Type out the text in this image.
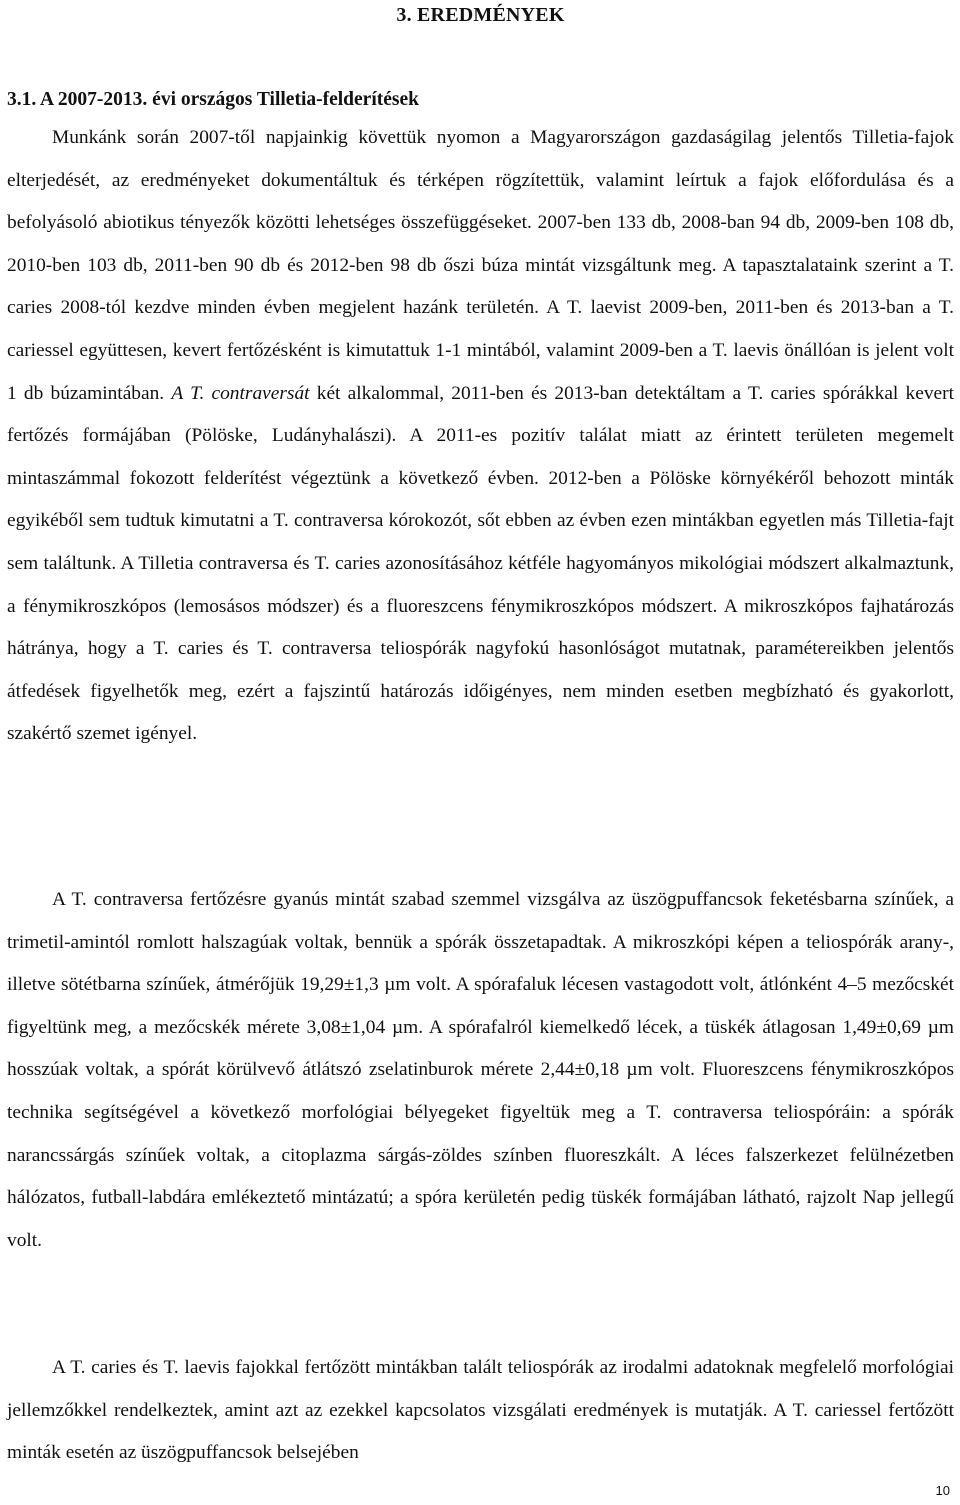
3. EREDMÉNYEK
3.1. A 2007-2013. évi országos Tilletia-felderítések

Munkánk során 2007-től napjainkig követtük nyomon a Magyarországon gazdaságilag jelentős Tilletia-fajok elterjedését, az eredményeket dokumentáltuk és térképen rögzítettük, valamint leírtuk a fajok előfordulása és a befolyásoló abiotikus tényezők közötti lehetséges összefüggéseket. 2007-ben 133 db, 2008-ban 94 db, 2009-ben 108 db, 2010-ben 103 db, 2011-ben 90 db és 2012-ben 98 db őszi búza mintát vizsgáltunk meg. A tapasztalataink szerint a T. caries 2008-tól kezdve minden évben megjelent hazánk területén. A T. laevist 2009-ben, 2011-ben és 2013-ban a T. cariessel együttesen, kevert fertőzésként is kimutattuk 1-1 mintából, valamint 2009-ben a T. laevis önállóan is jelent volt 1 db búzamintában. A T. contraversát két alkalommal, 2011-ben és 2013-ban detektáltam a T. caries spórákkal kevert fertőzés formájában (Pölöske, Ludányhalászi). A 2011-es pozitív találat miatt az érintett területen megemelt mintaszámmal fokozott felderítést végeztünk a következő évben. 2012-ben a Pölöske környékéről behozott minták egyikéből sem tudtuk kimutatni a T. contraversa kórokozót, sőt ebben az évben ezen mintákban egyetlen más Tilletia-fajt sem találtunk. A Tilletia contraversa és T. caries azonosításához kétféle hagyományos mikológiai módszert alkalmaztunk, a fénymikroszkópos (lemosásos módszer) és a fluoreszcens fénymikroszkópos módszert. A mikroszkópos fajhatározás hátránya, hogy a T. caries és T. contraversa teliospórák nagyfokú hasonlóságot mutatnak, paramétereikben jelentős átfedések figyelhetők meg, ezért a fajszintű határozás időigényes, nem minden esetben megbízható és gyakorlott, szakértő szemet igényel.

A T. contraversa fertőzésre gyanús mintát szabad szemmel vizsgálva az üszögpuffancsok feketésbarna színűek, a trimetil-amintól romlott halszagúak voltak, bennük a spórák összetapadtak. A mikroszkópi képen a teliospórák arany-, illetve sötétbarna színűek, átmérőjük 19,29±1,3 µm volt. A spórafaluk lécesen vastagodott volt, átlónként 4–5 mezőcskét figyeltünk meg, a mezőcskék mérete 3,08±1,04 µm. A spórafalról kiemelkedő lécek, a tüskék átlagosan 1,49±0,69 µm hosszúak voltak, a spórát körülvevő átlátszó zselatinburok mérete 2,44±0,18 µm volt. Fluoreszcens fénymikroszkópos technika segítségével a következő morfológiai bélyegeket figyeltük meg a T. contraversa teliospóráin: a spórák narancssárgás színűek voltak, a citoplazma sárgás-zöldes színben fluoreszkált. A léces falszerkezet felülnézetben hálózatos, futball-labdára emlékeztető mintázatú; a spóra kerületén pedig tüskék formájában látható, rajzolt Nap jellegű volt.

A T. caries és T. laevis fajokkal fertőzött mintákban talált teliospórák az irodalmi adatoknak megfelelő morfológiai jellemzőkkel rendelkeztek, amint azt az ezekkel kapcsolatos vizsgálati eredmények is mutatják. A T. cariessel fertőzött minták esetén az üszögpuffancsok belsejében

10
